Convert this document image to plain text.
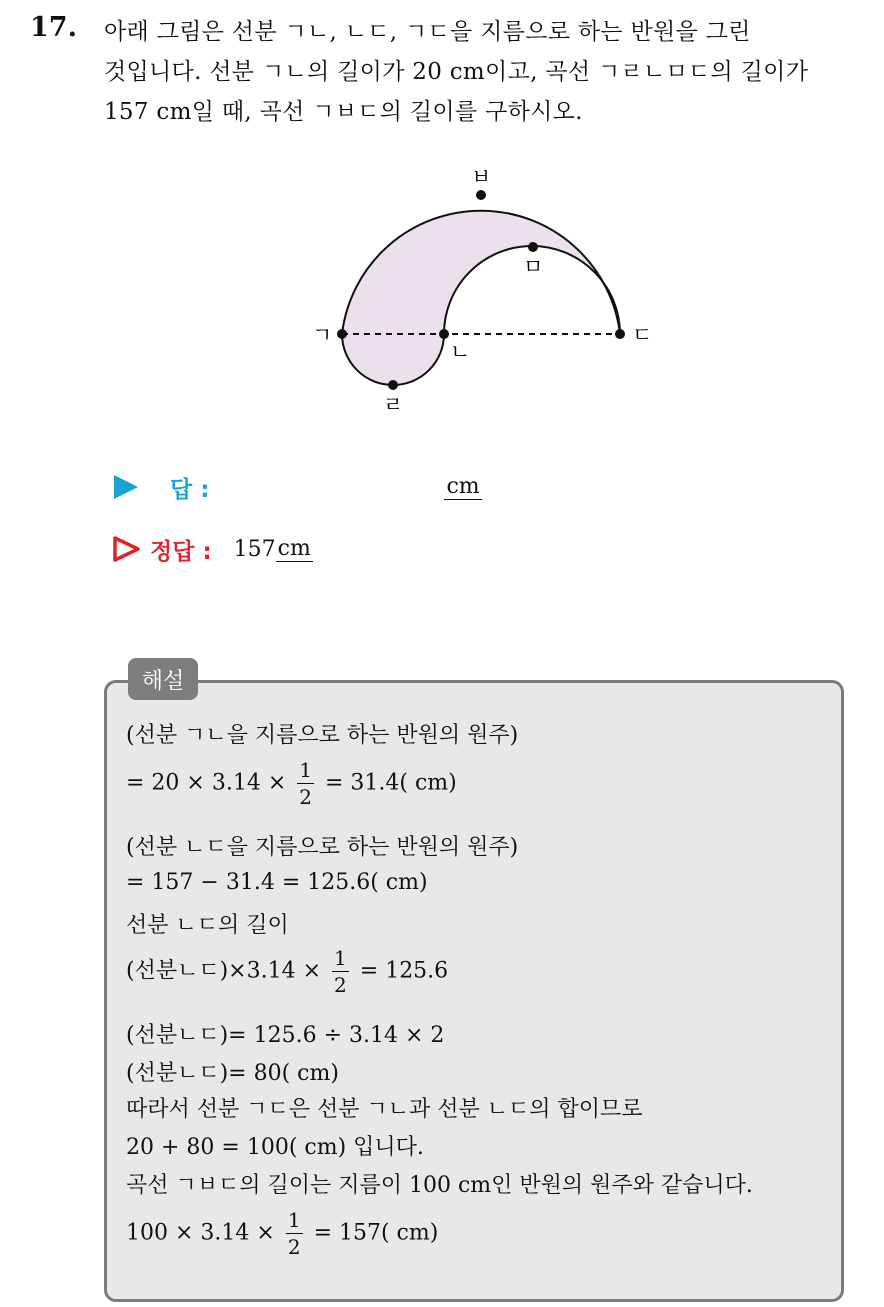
17. 아래 그림은 선분 ㄱㄴ, ㄴㄷ, ㄱㄷ을 지름으로 하는 반원을 그린
것입니다. 선분 ㄱㄴ의 길이가 20 cm이고, 곡선 ㄱㄹㄴㅁㄷ의 길이가
157 cm일 때, 곡선 ㄱㅂㄷ의 길이를 구하시오.
ㄱ
ㄴ
ㄷ
ㄹ
ㅁ
ㅂ
답 :	cm
정답 : 157 cm
해설
(선분 ㄱㄴ을 지름으로 하는 반원의 원주)
= $20 \times 3.14 \times \frac{1}{2} = 31.4$( cm)
(선분 ㄴㄷ을 지름으로 하는 반원의 원주)
= 157 − 31.4 = 125.6( cm)
선분 ㄴㄷ의 길이
(선분ㄴㄷ)$\times 3.14 \times \frac{1}{2} = 125.6$
(선분ㄴㄷ)= 125.6 ÷ 3.14 × 2
(선분ㄴㄷ)= 80( cm)
따라서 선분 ㄱㄷ은 선분 ㄱㄴ과 선분 ㄴㄷ의 합이므로
20 + 80 = 100( cm) 입니다.
곡선 ㄱㅂㄷ의 길이는 지름이 100 cm인 반원의 원주와 같습니다.
$100 \times 3.14 \times \frac{1}{2} = 157$( cm)
